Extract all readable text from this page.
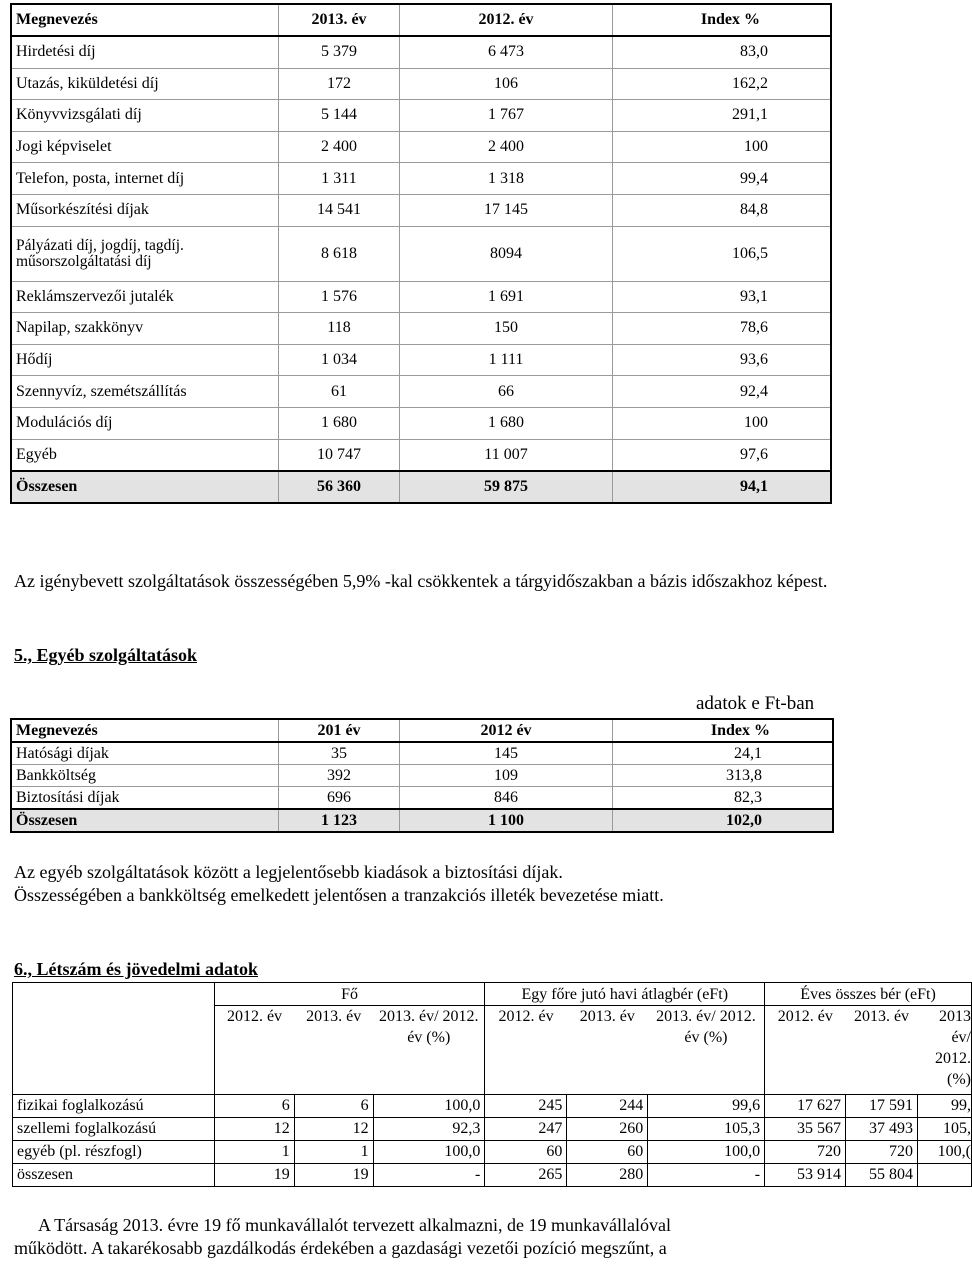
Megnevezés	2013. év	2012. év	Index %
Hirdetési díj	5 379	6 473	83,0
Utazás, kiküldetési díj	172	106	162,2
Könyvvizsgálati díj	5 144	1 767	291,1
Jogi képviselet	2 400	2 400	100
Telefon, posta, internet díj	1 311	1 318	99,4
Műsorkészítési díjak	14 541	17 145	84,8
Pályázati díj, jogdíj, tagdíj. műsorszolgáltatási díj	8 618	8094	106,5
Reklámszervezői jutalék	1 576	1 691	93,1
Napilap, szakkönyv	118	150	78,6
Hődíj	1 034	1 111	93,6
Szennyvíz, szemétszállítás	61	66	92,4
Modulációs díj	1 680	1 680	100
Egyéb	10 747	11 007	97,6
Összesen	56 360	59 875	94,1
Az igénybevett szolgáltatások összességében 5,9% -kal csökkentek a tárgyidőszakban a bázis időszakhoz képest.
5., Egyéb szolgáltatások
adatok e Ft-ban
Megnevezés	201 év	2012 év	Index %
Hatósági díjak	35	145	24,1
Bankköltség	392	109	313,8
Biztosítási díjak	696	846	82,3
Összesen	1 123	1 100	102,0
Az egyéb szolgáltatások között a legjelentősebb kiadások a biztosítási díjak.
Összességében a bankköltség emelkedett jelentősen a tranzakciós illeték bevezetése miatt.
6., Létszám és jövedelmi adatok
	Fő			Egy főre jutó havi átlagbér (eFt)			Éves összes bér (eFt)		
	2012. év	2013. év	2013. év/ 2012. év (%)	2012. év	2013. év	2013. év/ 2012. év (%)	2012. év	2013. év	2013 év/ 2012. (%)
fizikai foglalkozású	6	6	100,0	245	244	99,6	17 627	17 591	99,
szellemi foglalkozású	12	12	92,3	247	260	105,3	35 567	37 493	105,
egyéb (pl. részfogl)	1	1	100,0	60	60	100,0	720	720	100,(
összesen	19	19	-	265	280	-	53 914	55 804	
A Társaság 2013. évre 19 fő munkavállalót tervezett alkalmazni, de 19 munkavállalóval
működött. A takarékosabb gazdálkodás érdekében a gazdasági vezetői pozíció megszűnt, a
